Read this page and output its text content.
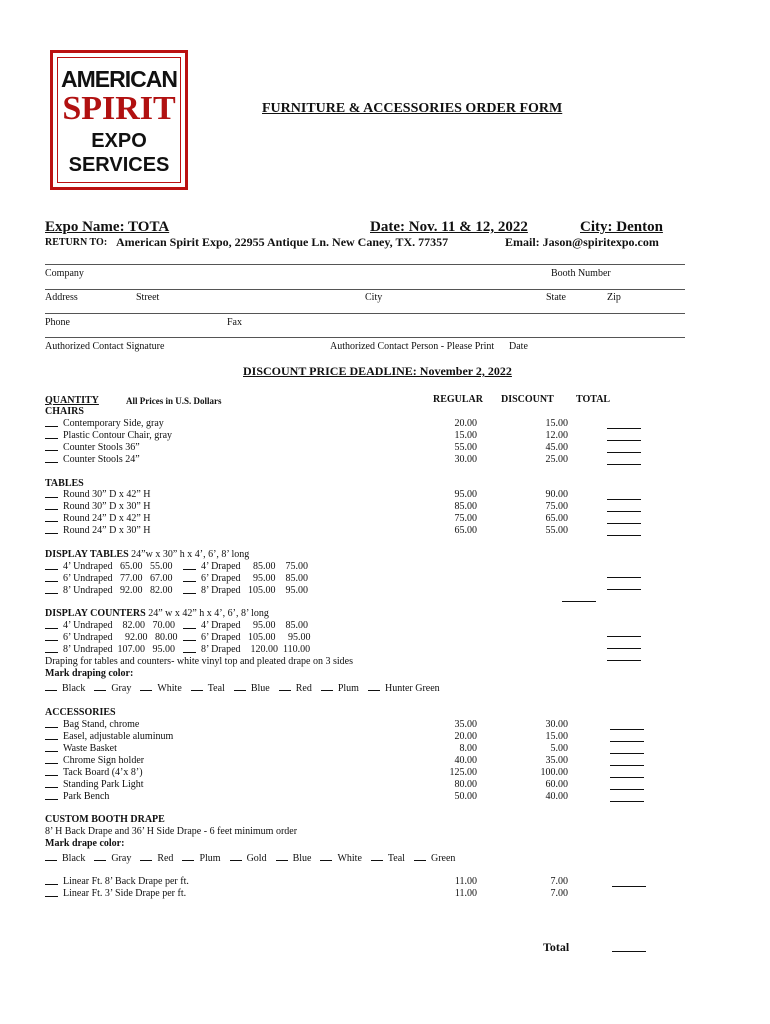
AMERICAN
SPIRIT
EXPO
SERVICES
FURNITURE & ACCESSORIES ORDER FORM
Expo Name: TOTA	Date: Nov. 11 & 12, 2022	City: Denton
RETURN TO: American Spirit Expo, 22955 Antique Ln. New Caney, TX. 77357	Email: Jason@spiritexpo.com
Company	Booth Number
Address	Street	City	State	Zip
Phone	Fax
Authorized Contact Signature	Authorized Contact Person - Please Print Date
DISCOUNT PRICE DEADLINE: November 2, 2022
QUANTITY	All Prices in U.S. Dollars	REGULAR DISCOUNT TOTAL
CHAIRS
Contemporary Side, gray	20.00	15.00
Plastic Contour Chair, gray	15.00	12.00
Counter Stools 36”	55.00	45.00
Counter Stools 24”	30.00	25.00
TABLES
Round 30” D x 42” H	95.00	90.00
Round 30” D x 30” H	85.00	75.00
Round 24” D x 42” H	75.00	65.00
Round 24” D x 30” H	65.00	55.00
DISPLAY TABLES 24”w x 30” h x 4’, 6’, 8’ long
4’ Undraped   65.00   55.00	4’ Draped     85.00    75.00
6’ Undraped   77.00   67.00	6’ Draped     95.00    85.00
8’ Undraped   92.00   82.00	8’ Draped   105.00    95.00
DISPLAY COUNTERS 24” w x 42” h x 4’, 6’, 8’ long
4’ Undraped    82.00   70.00	4’ Draped     95.00    85.00
6’ Undraped     92.00   80.00 6’ Draped   105.00     95.00
8’ Undraped  107.00   95.00	8’ Draped    120.00  110.00
Draping for tables and counters- white vinyl top and pleated drape on 3 sides
Mark draping color:
Black	Gray	White	Teal	Blue	Red	Plum	Hunter Green
ACCESSORIES
Bag Stand, chrome	35.00	30.00
Easel, adjustable aluminum	20.00	15.00
Waste Basket	8.00	5.00
Chrome Sign holder	40.00	35.00
Tack Board (4’x 8’)	125.00	100.00
Standing Park Light	80.00	60.00
Park Bench	50.00	40.00
CUSTOM BOOTH DRAPE
8’ H Back Drape and 36’ H Side Drape - 6 feet minimum order
Mark drape color:
Black	Gray	Red	Plum	Gold	Blue	White	Teal	Green
Linear Ft. 8’ Back Drape per ft.	11.00	7.00
Linear Ft. 3’ Side Drape per ft.	11.00	7.00
Total
